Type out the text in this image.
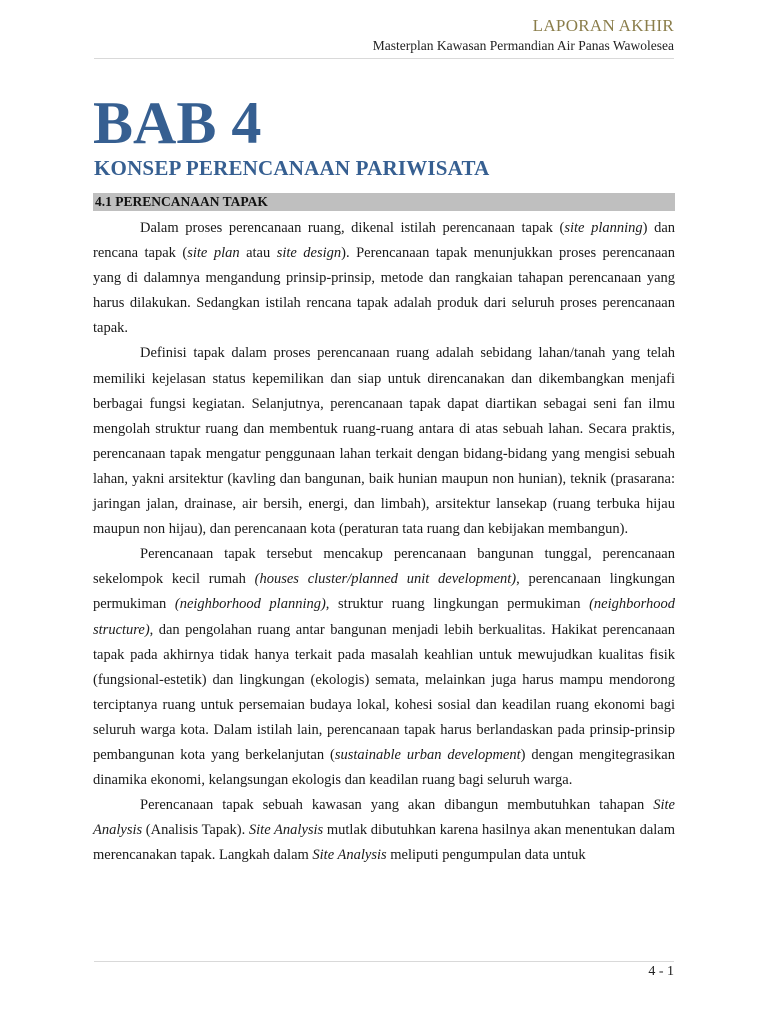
LAPORAN AKHIR
Masterplan Kawasan Permandian Air Panas Wawolesea
BAB 4
KONSEP PERENCANAAN PARIWISATA
4.1 PERENCANAAN TAPAK

Dalam proses perencanaan ruang, dikenal istilah perencanaan tapak (site planning) dan rencana tapak (site plan atau site design). Perencanaan tapak menunjukkan proses perencanaan yang di dalamnya mengandung prinsip-prinsip, metode dan rangkaian tahapan perencanaan yang harus dilakukan. Sedangkan istilah rencana tapak adalah produk dari seluruh proses perencanaan tapak.

Definisi tapak dalam proses perencanaan ruang adalah sebidang lahan/tanah yang telah memiliki kejelasan status kepemilikan dan siap untuk direncanakan dan dikembangkan menjafi berbagai fungsi kegiatan. Selanjutnya, perencanaan tapak dapat diartikan sebagai seni fan ilmu mengolah struktur ruang dan membentuk ruang-ruang antara di atas sebuah lahan. Secara praktis, perencanaan tapak mengatur penggunaan lahan terkait dengan bidang-bidang yang mengisi sebuah lahan, yakni arsitektur (kavling dan bangunan, baik hunian maupun non hunian), teknik (prasarana: jaringan jalan, drainase, air bersih, energi, dan limbah), arsitektur lansekap (ruang terbuka hijau maupun non hijau), dan perencanaan kota (peraturan tata ruang dan kebijakan membangun).

Perencanaan tapak tersebut mencakup perencanaan bangunan tunggal, perencanaan sekelompok kecil rumah (houses cluster/planned unit development), perencanaan lingkungan permukiman (neighborhood planning), struktur ruang lingkungan permukiman (neighborhood structure), dan pengolahan ruang antar bangunan menjadi lebih berkualitas. Hakikat perencanaan tapak pada akhirnya tidak hanya terkait pada masalah keahlian untuk mewujudkan kualitas fisik (fungsional-estetik) dan lingkungan (ekologis) semata, melainkan juga harus mampu mendorong terciptanya ruang untuk persemaian budaya lokal, kohesi sosial dan keadilan ruang ekonomi bagi seluruh warga kota. Dalam istilah lain, perencanaan tapak harus berlandaskan pada prinsip-prinsip pembangunan kota yang berkelanjutan (sustainable urban development) dengan mengitegrasikan dinamika ekonomi, kelangsungan ekologis dan keadilan ruang bagi seluruh warga.

Perencanaan tapak sebuah kawasan yang akan dibangun membutuhkan tahapan Site Analysis (Analisis Tapak). Site Analysis mutlak dibutuhkan karena hasilnya akan menentukan dalam merencanakan tapak. Langkah dalam Site Analysis meliputi pengumpulan data untuk

4 - 1
